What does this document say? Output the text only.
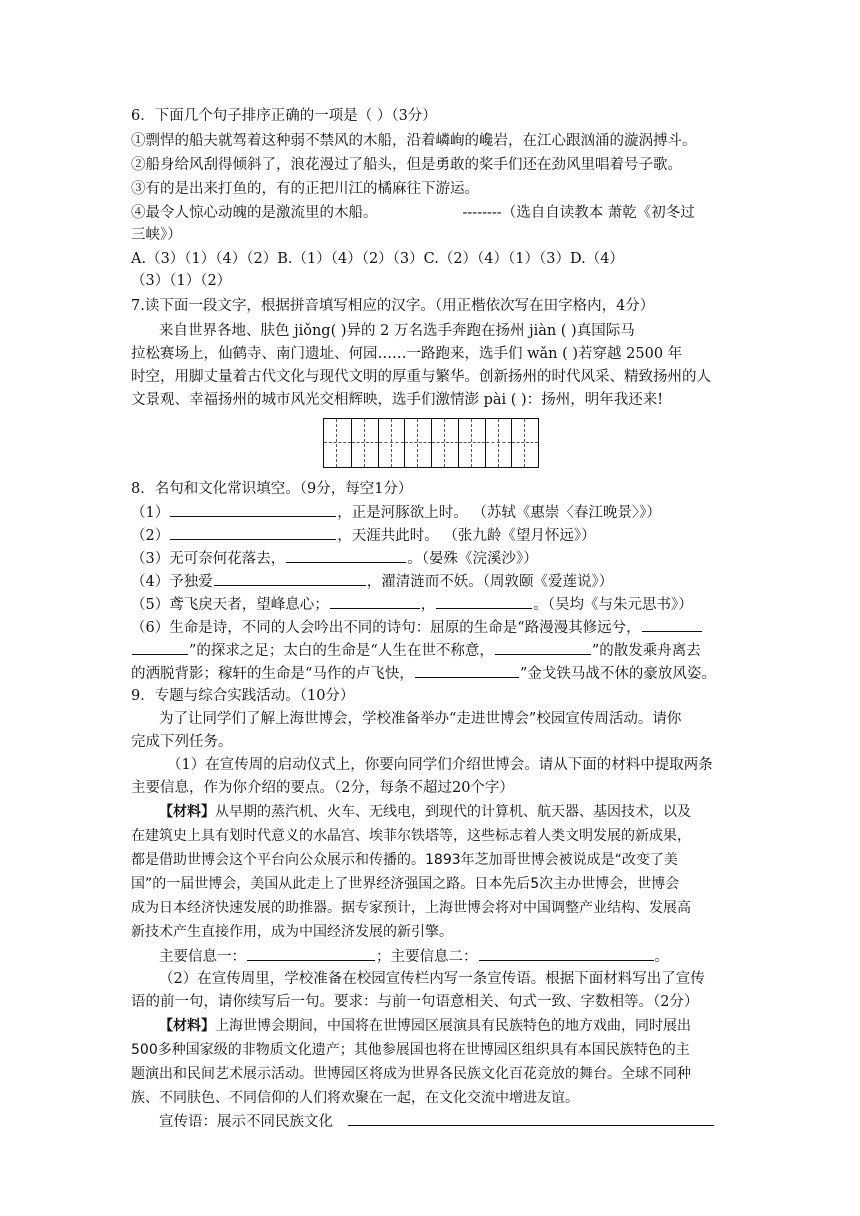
6．下面几个句子排序正确的一项是（ ）（3分）
①剽悍的船夫就驾着这种弱不禁风的木船，沿着嶙峋的巉岩，在江心跟汹涌的漩涡搏斗。
②船身给风刮得倾斜了，浪花漫过了船头，但是勇敢的桨手们还在劲风里唱着号子歌。
③有的是出来打鱼的，有的正把川江的橘麻往下游运。
④最令人惊心动魄的是激流里的木船。	--------（选自自读教本 萧乾《初冬过
三峡》）
A.（3）（1）（4）（2）B.（1）（4）（2）（3）C.（2）（4）（1）（3）D.（4）
（3）（1）（2）
7.读下面一段文字，根据拼音填写相应的汉字。（用正楷依次写在田字格内，4分）
来自世界各地、肤色 jiǒng( )异的 2 万名选手奔跑在扬州 jiàn ( )真国际马
拉松赛场上，仙鹤寺、南门遗址、何园……一路跑来，选手们 wǎn ( )若穿越 2500 年
时空，用脚丈量着古代文化与现代文明的厚重与繁华。创新扬州的时代风采、精致扬州的人
文景观、幸福扬州的城市风光交相辉映，选手们激情澎 pài ( )：扬州，明年我还来!
8．名句和文化常识填空。（9分，每空1分）
（1）	，正是河豚欲上时。 （苏轼《惠崇〈春江晚景〉》）
（2）	，天涯共此时。 （张九龄《望月怀远》）
（3）无可奈何花落去，	。（晏殊《浣溪沙》）
（4）予独爱	，濯清涟而不妖。（周敦颐《爱莲说》）
（5）鸢飞戾天者，望峰息心；	，	。（吴均《与朱元思书》）
（6）生命是诗，不同的人会吟出不同的诗句：屈原的生命是“路漫漫其修远兮，
”的探求之足；太白的生命是“人生在世不称意，	”的散发乘舟离去
的洒脱背影；稼轩的生命是“马作的卢飞快，	”金戈铁马战不休的豪放风姿。
9．专题与综合实践活动。（10分）
为了让同学们了解上海世博会，学校准备举办“走进世博会”校园宣传周活动。请你
完成下列任务。
（1）在宣传周的启动仪式上，你要向同学们介绍世博会。请从下面的材料中提取两条
主要信息，作为你介绍的要点。（2分，每条不超过20个字）
【材料】从早期的蒸汽机、火车、无线电，到现代的计算机、航天器、基因技术，以及
在建筑史上具有划时代意义的水晶宫、埃菲尔铁塔等，这些标志着人类文明发展的新成果，
都是借助世博会这个平台向公众展示和传播的。1893年芝加哥世博会被说成是“改变了美
国”的一届世博会，美国从此走上了世界经济强国之路。日本先后5次主办世博会，世博会
成为日本经济快速发展的助推器。据专家预计，上海世博会将对中国调整产业结构、发展高
新技术产生直接作用，成为中国经济发展的新引擎。
主要信息一：	；主要信息二：	。
（2）在宣传周里，学校准备在校园宣传栏内写一条宣传语。根据下面材料写出了宣传
语的前一句，请你续写后一句。要求：与前一句语意相关、句式一致、字数相等。（2分）
【材料】上海世博会期间，中国将在世博园区展演具有民族特色的地方戏曲，同时展出
500多种国家级的非物质文化遗产；其他参展国也将在世博园区组织具有本国民族特色的主
题演出和民间艺术展示活动。世博园区将成为世界各民族文化百花竞放的舞台。全球不同种
族、不同肤色、不同信仰的人们将欢聚在一起，在文化交流中增进友谊。
宣传语：展示不同民族文化
